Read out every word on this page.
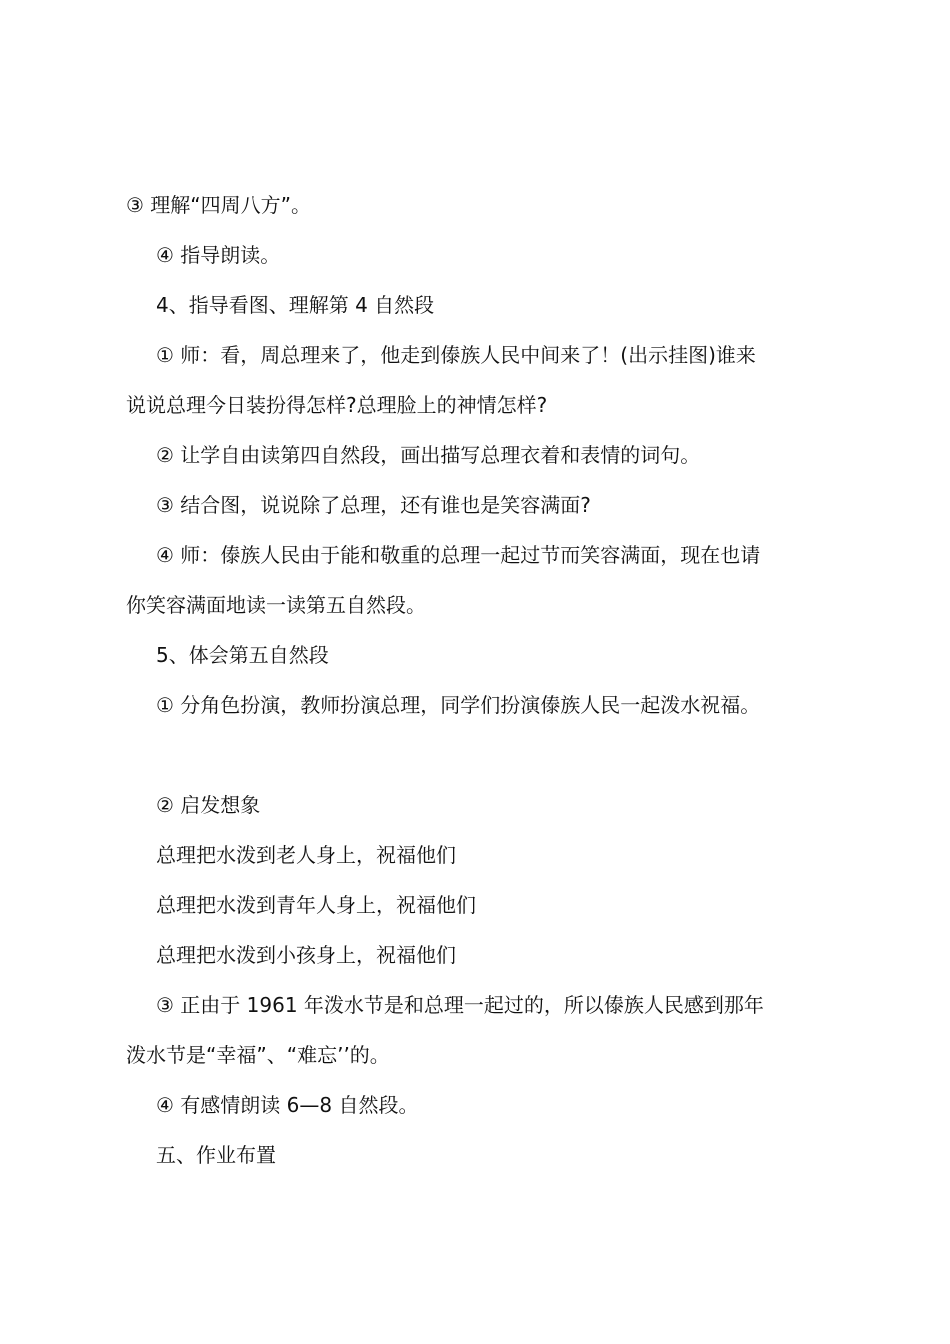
③ 理解“四周八方”。
④ 指导朗读。
4、指导看图、理解第 4 自然段
① 师：看，周总理来了，他走到傣族人民中间来了！(出示挂图)谁来
说说总理今日装扮得怎样?总理脸上的神情怎样?
② 让学自由读第四自然段，画出描写总理衣着和表情的词句。
③ 结合图，说说除了总理，还有谁也是笑容满面?
④ 师：傣族人民由于能和敬重的总理一起过节而笑容满面，现在也请
你笑容满面地读一读第五自然段。
5、体会第五自然段
① 分角色扮演，教师扮演总理，同学们扮演傣族人民一起泼水祝福。
② 启发想象
总理把水泼到老人身上，祝福他们
总理把水泼到青年人身上，祝福他们
总理把水泼到小孩身上，祝福他们
③ 正由于 1961 年泼水节是和总理一起过的，所以傣族人民感到那年
泼水节是“幸福”、“难忘’’的。
④ 有感情朗读 6—8 自然段。
五、作业布置
